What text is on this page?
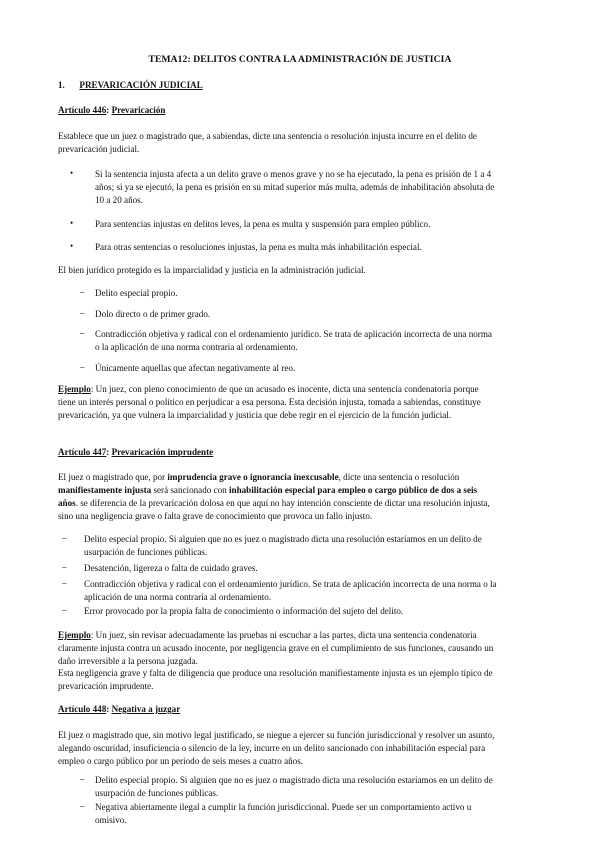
TEMA12: DELITOS CONTRA LA ADMINISTRACIÓN DE JUSTICIA
1. PREVARICACIÓN JUDICIAL
Artículo 446: Prevaricación
Establece que un juez o magistrado que, a sabiendas, dicte una sentencia o resolución injusta incurre en el delito de
prevaricación judicial.
• Si la sentencia injusta afecta a un delito grave o menos grave y no se ha ejecutado, la pena es prisión de 1 a 4
años; si ya se ejecutó, la pena es prisión en su mitad superior más multa, además de inhabilitación absoluta de
10 a 20 años.
• Para sentencias injustas en delitos leves, la pena es multa y suspensión para empleo público.
• Para otras sentencias o resoluciones injustas, la pena es multa más inhabilitación especial.
El bien jurídico protegido es la imparcialidad y justicia en la administración judicial.
– Delito especial propio.
– Dolo directo o de primer grado.
– Contradicción objetiva y radical con el ordenamiento jurídico. Se trata de aplicación incorrecta de una norma
o la aplicación de una norma contraria al ordenamiento.
– Únicamente aquellas que afectan negativamente al reo.
Ejemplo: Un juez, con pleno conocimiento de que un acusado es inocente, dicta una sentencia condenatoria porque
tiene un interés personal o político en perjudicar a esa persona. Esta decisión injusta, tomada a sabiendas, constituye
prevaricación, ya que vulnera la imparcialidad y justicia que debe regir en el ejercicio de la función judicial.
Artículo 447: Prevaricación imprudente
El juez o magistrado que, por imprudencia grave o ignorancia inexcusable, dicte una sentencia o resolución
manifiestamente injusta será sancionado con inhabilitación especial para empleo o cargo público de dos a seis
años. se diferencia de la prevaricación dolosa en que aquí no hay intención consciente de dictar una resolución injusta,
sino una negligencia grave o falta grave de conocimiento que provoca un fallo injusto.
– Delito especial propio. Si alguien que no es juez o magistrado dicta una resolución estaríamos en un delito de
usurpación de funciones públicas.
– Desatención, ligereza o falta de cuidado graves.
– Contradicción objetiva y radical con el ordenamiento jurídico. Se trata de aplicación incorrecta de una norma o la
aplicación de una norma contraria al ordenamiento.
– Error provocado por la propia falta de conocimiento o información del sujeto del delito.
Ejemplo: Un juez, sin revisar adecuadamente las pruebas ni escuchar a las partes, dicta una sentencia condenatoria
claramente injusta contra un acusado inocente, por negligencia grave en el cumplimiento de sus funciones, causando un
daño irreversible a la persona juzgada.
Esta negligencia grave y falta de diligencia que produce una resolución manifiestamente injusta es un ejemplo típico de
prevaricación imprudente.
Artículo 448: Negativa a juzgar
El juez o magistrado que, sin motivo legal justificado, se niegue a ejercer su función jurisdiccional y resolver un asunto,
alegando oscuridad, insuficiencia o silencio de la ley, incurre en un delito sancionado con inhabilitación especial para
empleo o cargo público por un periodo de seis meses a cuatro años.
– Delito especial propio. Si alguien que no es juez o magistrado dicta una resolución estaríamos en un delito de
usurpación de funciones públicas.
– Negativa abiertamente ilegal a cumplir la función jurisdiccional. Puede ser un comportamiento activo u
omisivo.
